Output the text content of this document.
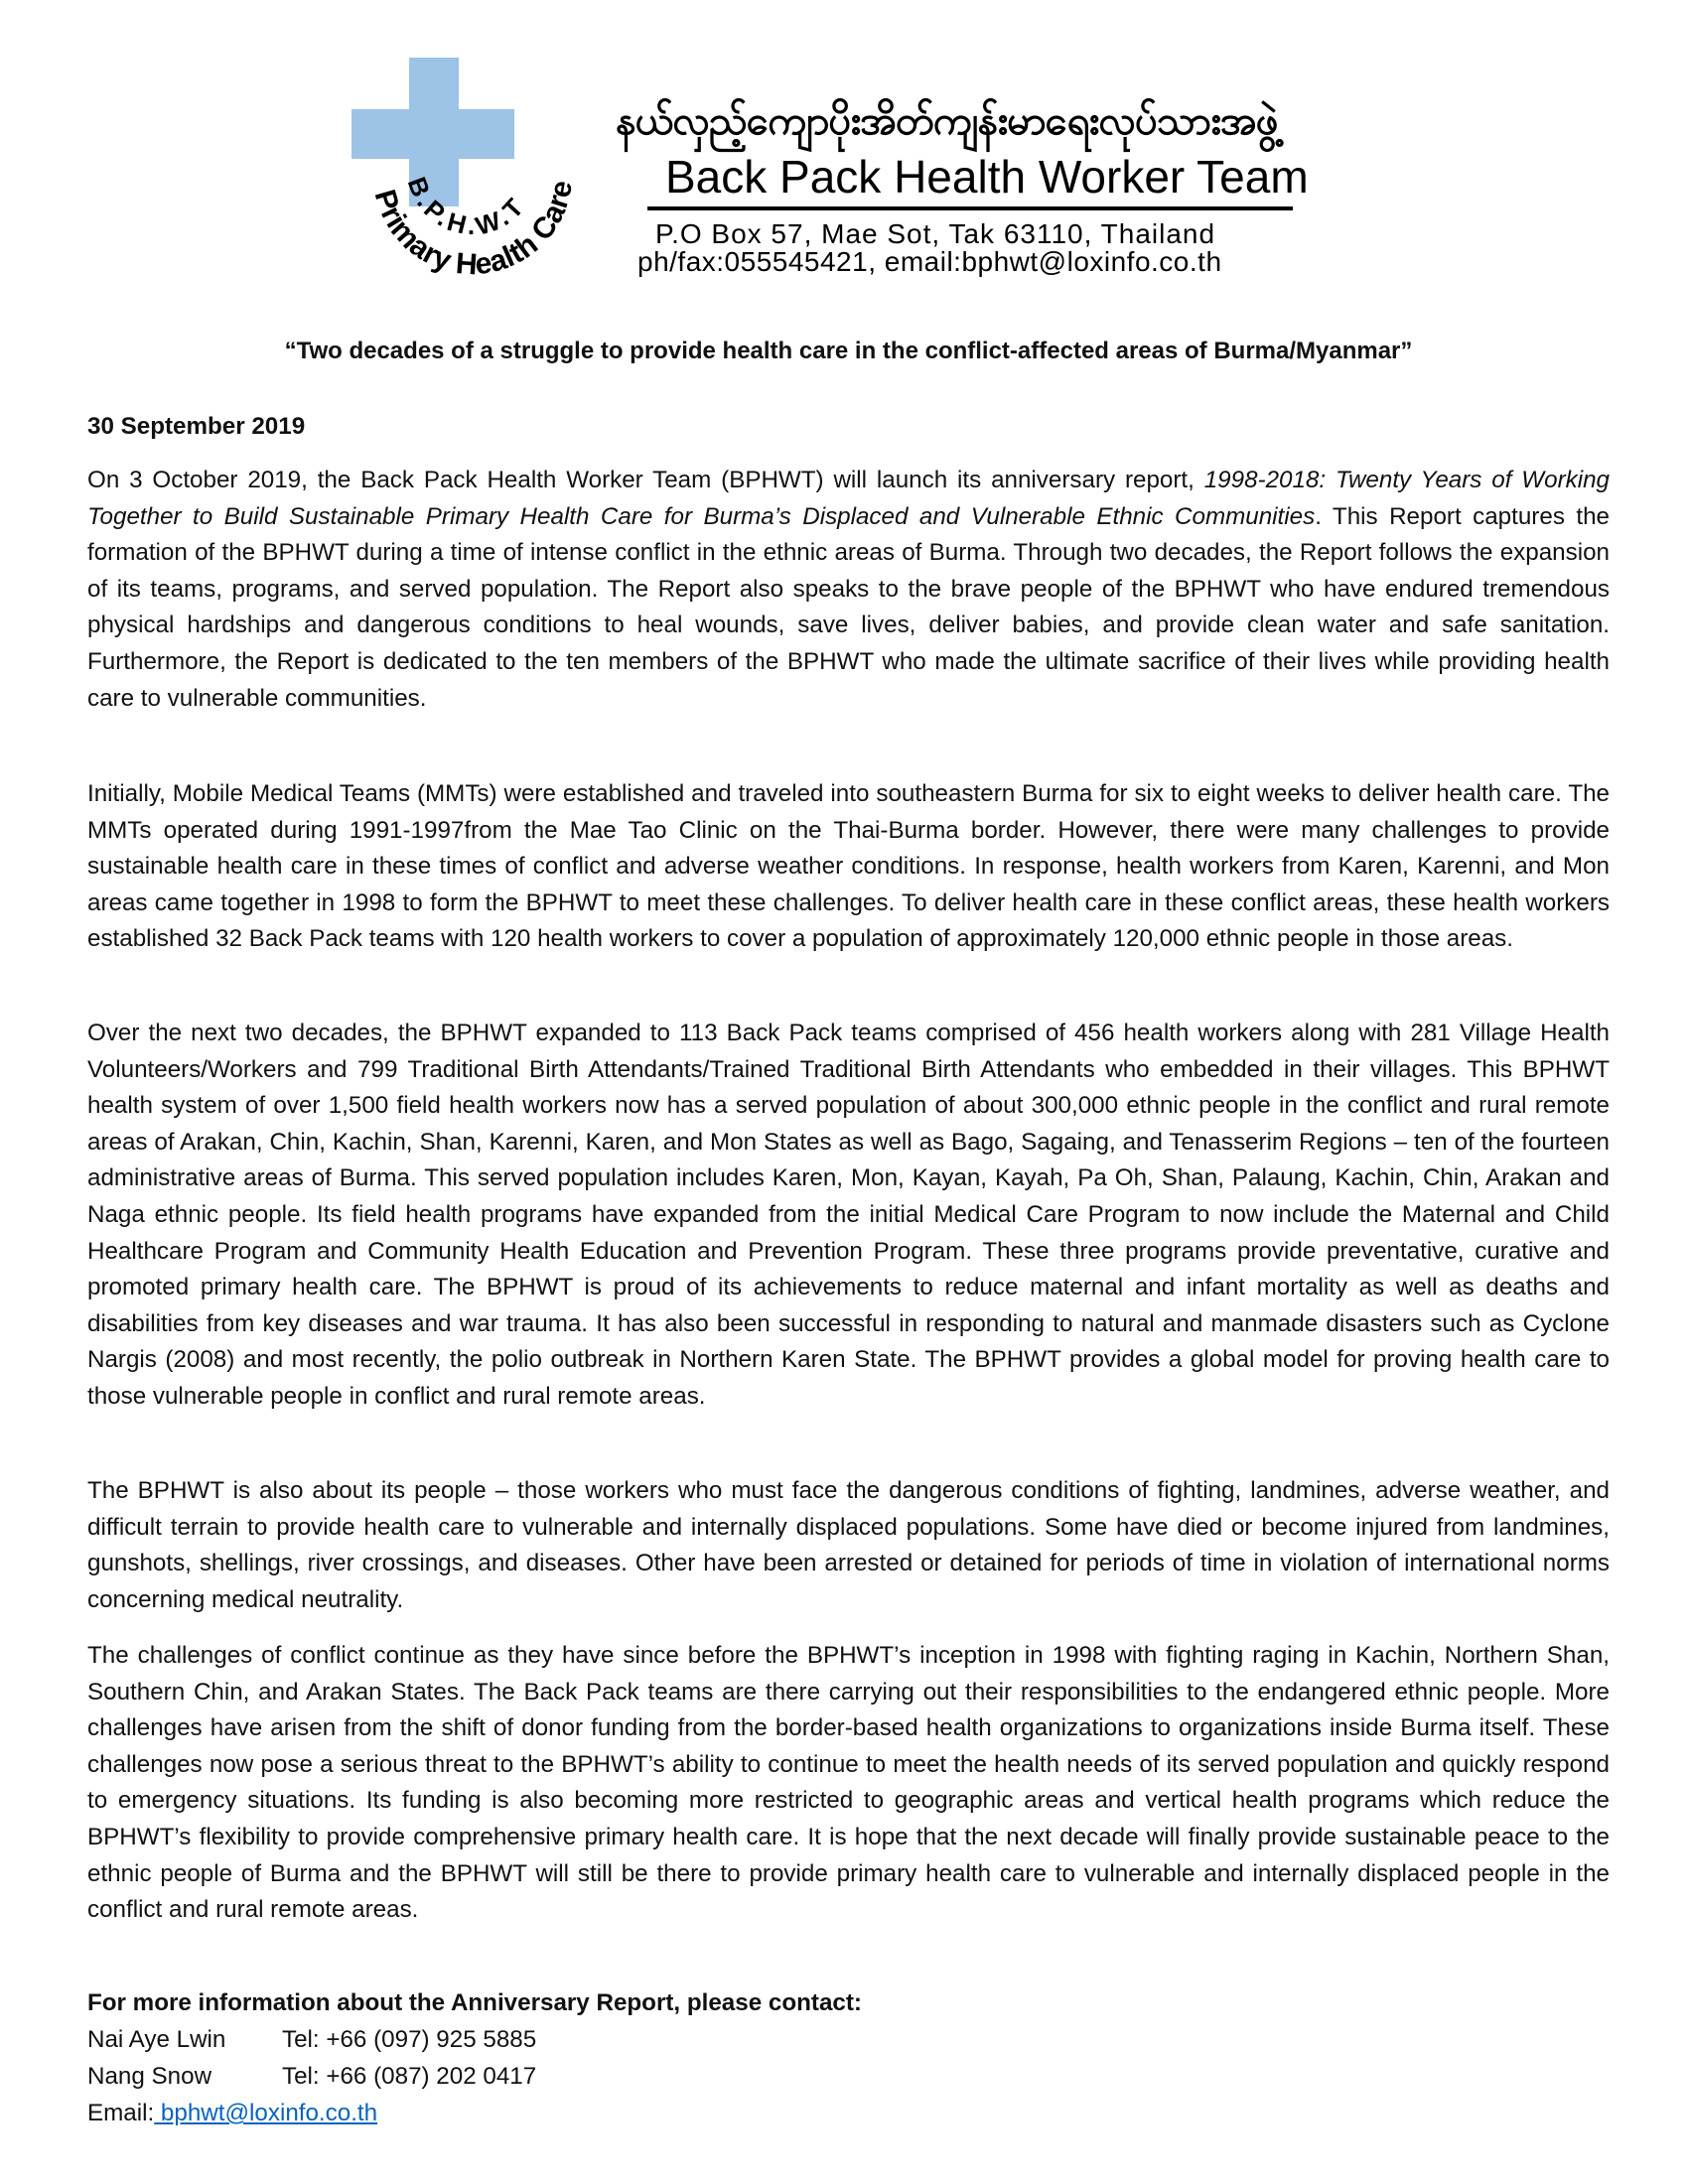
Primary Health Care
B.P.H.W.T
နယ်လှည့်ကျောပိုးအိတ်ကျန်းမာရေးလုပ်သားအဖွဲ့
Back Pack Health Worker Team
P.O Box 57, Mae Sot, Tak 63110, Thailand
ph/fax:055545421, email:bphwt@loxinfo.co.th
“Two decades of a struggle to provide health care in the conflict-affected areas of Burma/Myanmar”
30 September 2019

On 3 October 2019, the Back Pack Health Worker Team (BPHWT) will launch its anniversary report, 1998-2018: Twenty Years of Working Together to Build Sustainable Primary Health Care for Burma’s Displaced and Vulnerable Ethnic Communities. This Report captures the formation of the BPHWT during a time of intense conflict in the ethnic areas of Burma. Through two decades, the Report follows the expansion of its teams, programs, and served population. The Report also speaks to the brave people of the BPHWT who have endured tremendous physical hardships and dangerous conditions to heal wounds, save lives, deliver babies, and provide clean water and safe sanitation. Furthermore, the Report is dedicated to the ten members of the BPHWT who made the ultimate sacrifice of their lives while providing health care to vulnerable communities.

Initially, Mobile Medical Teams (MMTs) were established and traveled into southeastern Burma for six to eight weeks to deliver health care. The MMTs operated during 1991-1997from the Mae Tao Clinic on the Thai-Burma border. However, there were many challenges to provide sustainable health care in these times of conflict and adverse weather conditions. In response, health workers from Karen, Karenni, and Mon areas came together in 1998 to form the BPHWT to meet these challenges. To deliver health care in these conflict areas, these health workers established 32 Back Pack teams with 120 health workers to cover a population of approximately 120,000 ethnic people in those areas.

Over the next two decades, the BPHWT expanded to 113 Back Pack teams comprised of 456 health workers along with 281 Village Health Volunteers/Workers and 799 Traditional Birth Attendants/Trained Traditional Birth Attendants who embedded in their villages. This BPHWT health system of over 1,500 field health workers now has a served population of about 300,000 ethnic people in the conflict and rural remote areas of Arakan, Chin, Kachin, Shan, Karenni, Karen, and Mon States as well as Bago, Sagaing, and Tenasserim Regions – ten of the fourteen administrative areas of Burma. This served population includes Karen, Mon, Kayan, Kayah, Pa Oh, Shan, Palaung, Kachin, Chin, Arakan and Naga ethnic people. Its field health programs have expanded from the initial Medical Care Program to now include the Maternal and Child Healthcare Program and Community Health Education and Prevention Program. These three programs provide preventative, curative and promoted primary health care. The BPHWT is proud of its achievements to reduce maternal and infant mortality as well as deaths and disabilities from key diseases and war trauma. It has also been successful in responding to natural and manmade disasters such as Cyclone Nargis (2008) and most recently, the polio outbreak in Northern Karen State. The BPHWT provides a global model for proving health care to those vulnerable people in conflict and rural remote areas.

The BPHWT is also about its people – those workers who must face the dangerous conditions of fighting, landmines, adverse weather, and difficult terrain to provide health care to vulnerable and internally displaced populations. Some have died or become injured from landmines, gunshots, shellings, river crossings, and diseases. Other have been arrested or detained for periods of time in violation of international norms concerning medical neutrality.

The challenges of conflict continue as they have since before the BPHWT’s inception in 1998 with fighting raging in Kachin, Northern Shan, Southern Chin, and Arakan States. The Back Pack teams are there carrying out their responsibilities to the endangered ethnic people. More challenges have arisen from the shift of donor funding from the border-based health organizations to organizations inside Burma itself. These challenges now pose a serious threat to the BPHWT’s ability to continue to meet the health needs of its served population and quickly respond to emergency situations. Its funding is also becoming more restricted to geographic areas and vertical health programs which reduce the BPHWT’s flexibility to provide comprehensive primary health care. It is hope that the next decade will finally provide sustainable peace to the ethnic people of Burma and the BPHWT will still be there to provide primary health care to vulnerable and internally displaced people in the conflict and rural remote areas.

For more information about the Anniversary Report, please contact:
Nai Aye Lwin Tel: +66 (097) 925 5885
Nang Snow	Tel: +66 (087) 202 0417
Email: bphwt@loxinfo.co.th
